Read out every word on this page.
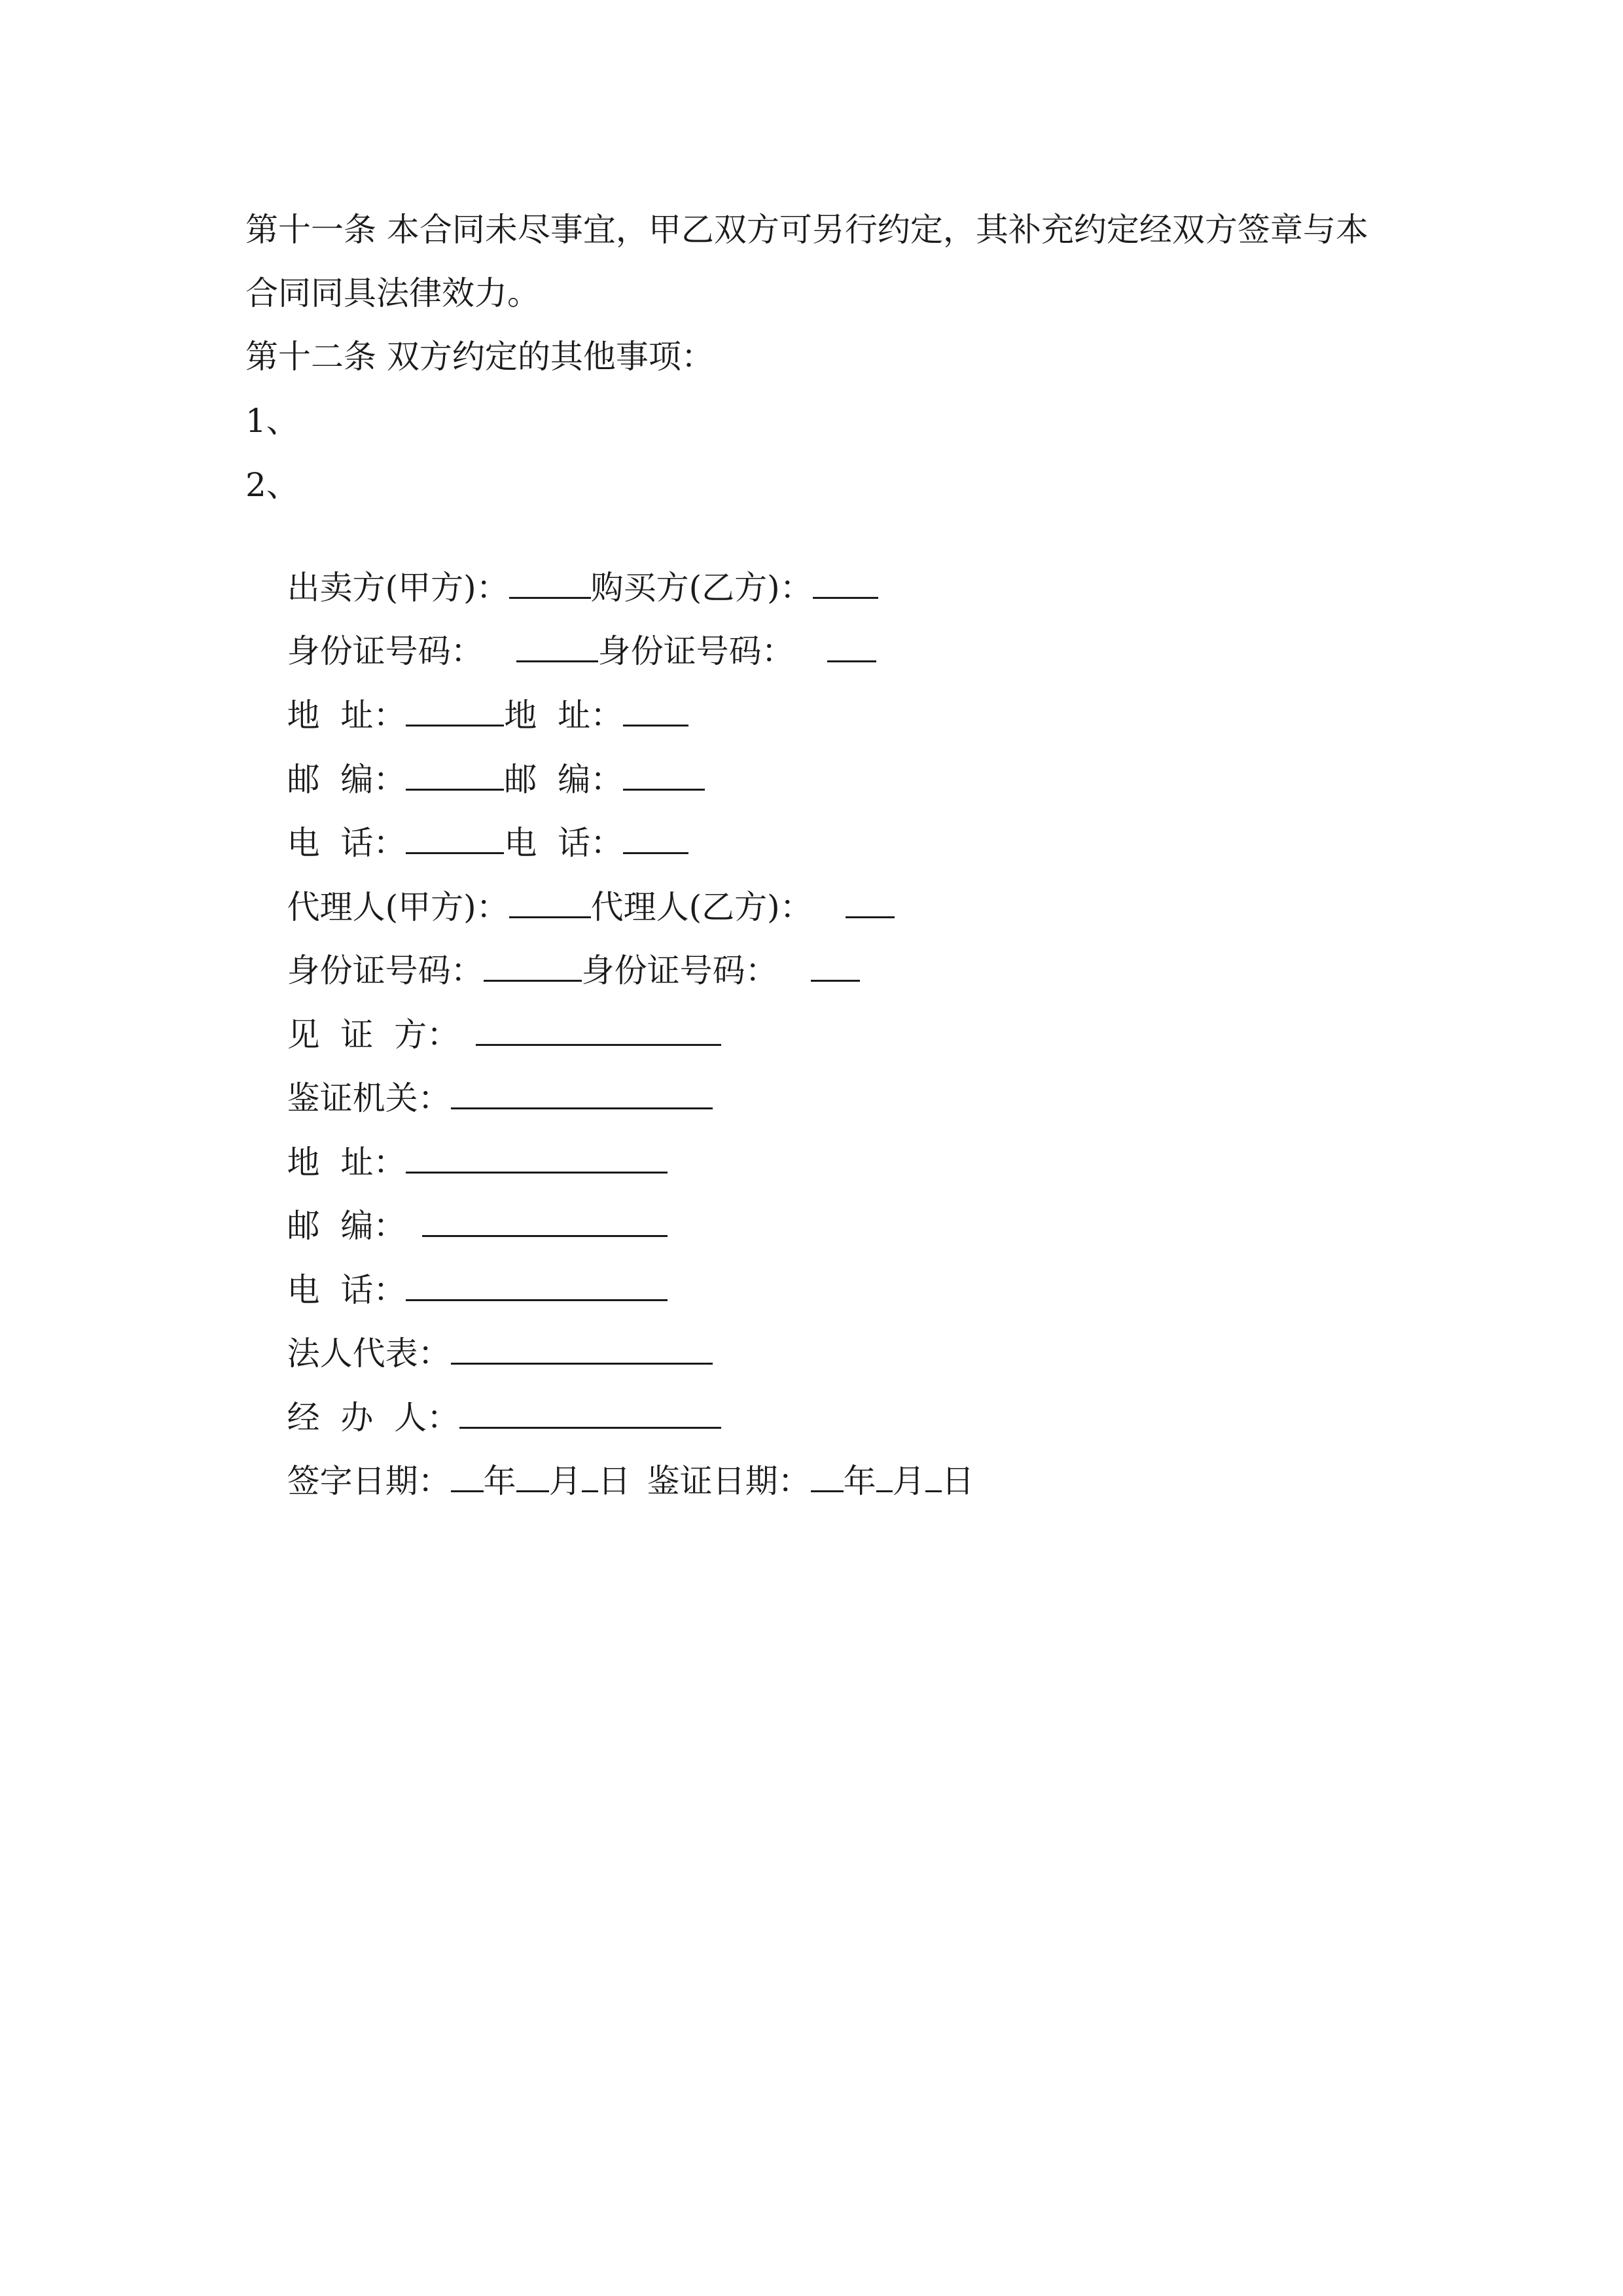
第十一条 本合同未尽事宜，甲乙双方可另行约定，其补充约定经双方签章与本
合同同具法律效力。
第十二条 双方约定的其他事项：
1、
2、

出卖方(甲方)：	购买方(乙方)：

身份证号码：	身份证号码：

地  址：	地  址：

邮  编：	邮  编：

电  话：	电  话：

代理人(甲方)：	代理人(乙方)：

身份证号码：	身份证号码：

见  证  方：

鉴证机关：

地  址：

邮  编：

电  话：

法人代表：

经  办  人：

签字日期： 年 月 日 鉴证日期： 年 月 日
